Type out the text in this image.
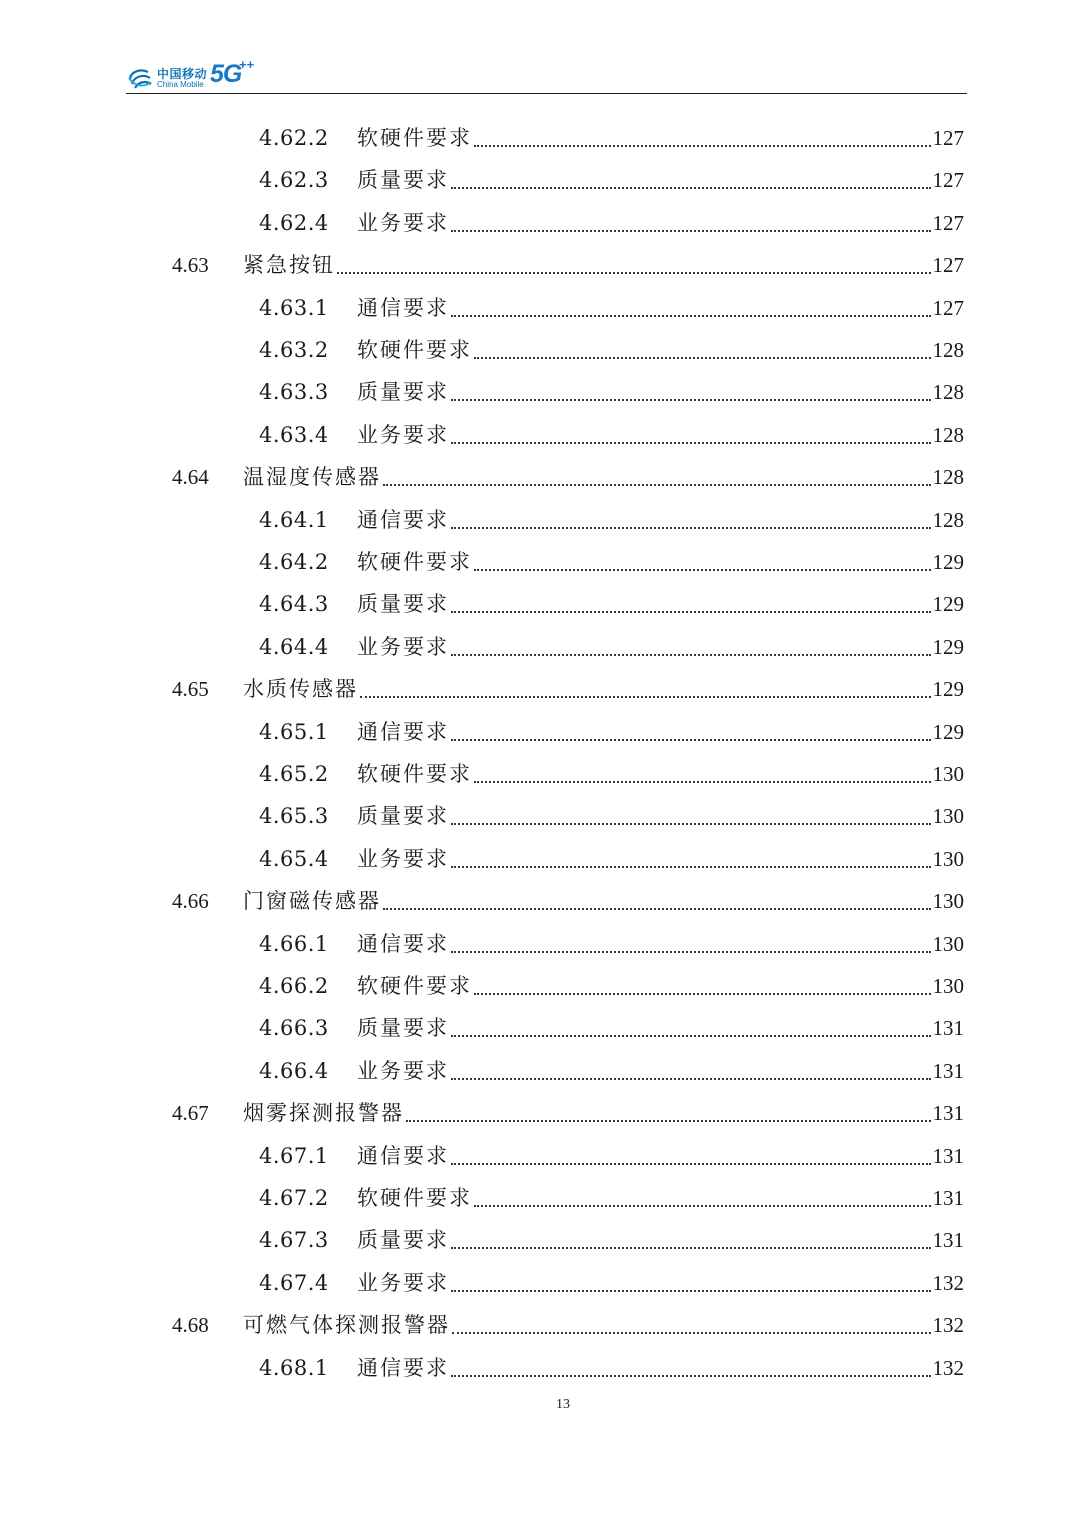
中国移动
China Mobile 5G
++
4.62.2	软硬件要求	127
4.62.3	质量要求	127
4.62.4	业务要求	127
4.63	紧急按钮	127
4.63.1	通信要求	127
4.63.2	软硬件要求	128
4.63.3	质量要求	128
4.63.4	业务要求	128
4.64	温湿度传感器	128
4.64.1	通信要求	128
4.64.2	软硬件要求	129
4.64.3	质量要求	129
4.64.4	业务要求	129
4.65	水质传感器	129
4.65.1	通信要求	129
4.65.2	软硬件要求	130
4.65.3	质量要求	130
4.65.4	业务要求	130
4.66	门窗磁传感器	130
4.66.1	通信要求	130
4.66.2	软硬件要求	130
4.66.3	质量要求	131
4.66.4	业务要求	131
4.67	烟雾探测报警器	131
4.67.1	通信要求	131
4.67.2	软硬件要求	131
4.67.3	质量要求	131
4.67.4	业务要求	132
4.68	可燃气体探测报警器	132
4.68.1	通信要求	132
13
